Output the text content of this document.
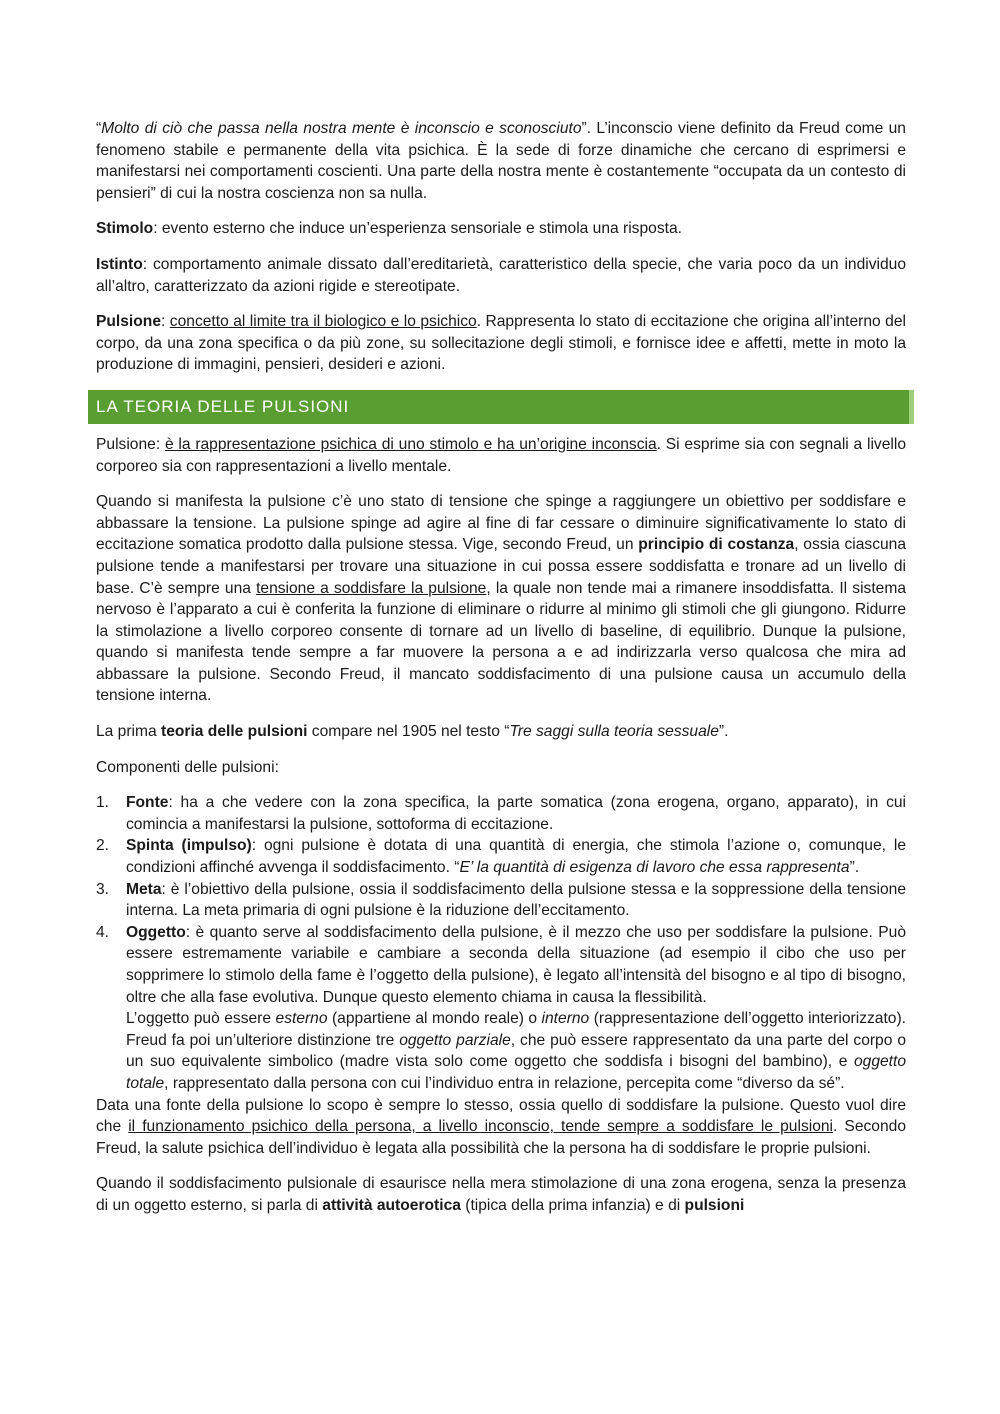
“Molto di ciò che passa nella nostra mente è inconscio e sconosciuto”. L’inconscio viene definito da Freud come un fenomeno stabile e permanente della vita psichica. È la sede di forze dinamiche che cercano di esprimersi e manifestarsi nei comportamenti coscienti. Una parte della nostra mente è costantemente “occupata da un contesto di pensieri” di cui la nostra coscienza non sa nulla.

Stimolo: evento esterno che induce un’esperienza sensoriale e stimola una risposta.

Istinto: comportamento animale dissato dall’ereditarietà, caratteristico della specie, che varia poco da un individuo all’altro, caratterizzato da azioni rigide e stereotipate.

Pulsione: concetto al limite tra il biologico e lo psichico. Rappresenta lo stato di eccitazione che origina all’interno del corpo, da una zona specifica o da più zone, su sollecitazione degli stimoli, e fornisce idee e affetti, mette in moto la produzione di immagini, pensieri, desideri e azioni.

LA TEORIA DELLE PULSIONI

Pulsione: è la rappresentazione psichica di uno stimolo e ha un’origine inconscia. Si esprime sia con segnali a livello corporeo sia con rappresentazioni a livello mentale.

Quando si manifesta la pulsione c’è uno stato di tensione che spinge a raggiungere un obiettivo per soddisfare e abbassare la tensione. La pulsione spinge ad agire al fine di far cessare o diminuire significativamente lo stato di eccitazione somatica prodotto dalla pulsione stessa. Vige, secondo Freud, un principio di costanza, ossia ciascuna pulsione tende a manifestarsi per trovare una situazione in cui possa essere soddisfatta e tronare ad un livello di base. C’è sempre una tensione a soddisfare la pulsione, la quale non tende mai a rimanere insoddisfatta. Il sistema nervoso è l’apparato a cui è conferita la funzione di eliminare o ridurre al minimo gli stimoli che gli giungono. Ridurre la stimolazione a livello corporeo consente di tornare ad un livello di baseline, di equilibrio. Dunque la pulsione, quando si manifesta tende sempre a far muovere la persona a e ad indirizzarla verso qualcosa che mira ad abbassare la pulsione. Secondo Freud, il mancato soddisfacimento di una pulsione causa un accumulo della tensione interna.

La prima teoria delle pulsioni compare nel 1905 nel testo “Tre saggi sulla teoria sessuale”.

Componenti delle pulsioni:

1. Fonte: ha a che vedere con la zona specifica, la parte somatica (zona erogena, organo, apparato), in cui comincia a manifestarsi la pulsione, sottoforma di eccitazione.
2. Spinta (impulso): ogni pulsione è dotata di una quantità di energia, che stimola l’azione o, comunque, le condizioni affinché avvenga il soddisfacimento. “E’ la quantità di esigenza di lavoro che essa rappresenta”.
3. Meta: è l’obiettivo della pulsione, ossia il soddisfacimento della pulsione stessa e la soppressione della tensione interna. La meta primaria di ogni pulsione è la riduzione dell’eccitamento.
4. Oggetto: è quanto serve al soddisfacimento della pulsione, è il mezzo che uso per soddisfare la pulsione. Può essere estremamente variabile e cambiare a seconda della situazione (ad esempio il cibo che uso per sopprimere lo stimolo della fame è l’oggetto della pulsione), è legato all’intensità del bisogno e al tipo di bisogno, oltre che alla fase evolutiva. Dunque questo elemento chiama in causa la flessibilità.
L’oggetto può essere esterno (appartiene al mondo reale) o interno (rappresentazione dell’oggetto interiorizzato). Freud fa poi un’ulteriore distinzione tre oggetto parziale, che può essere rappresentato da una parte del corpo o un suo equivalente simbolico (madre vista solo come oggetto che soddisfa i bisogni del bambino), e oggetto totale, rappresentato dalla persona con cui l’individuo entra in relazione, percepita come “diverso da sé”.

Data una fonte della pulsione lo scopo è sempre lo stesso, ossia quello di soddisfare la pulsione. Questo vuol dire che il funzionamento psichico della persona, a livello inconscio, tende sempre a soddisfare le pulsioni. Secondo Freud, la salute psichica dell’individuo è legata alla possibilità che la persona ha di soddisfare le proprie pulsioni.

Quando il soddisfacimento pulsionale di esaurisce nella mera stimolazione di una zona erogena, senza la presenza di un oggetto esterno, si parla di attività autoerotica (tipica della prima infanzia) e di pulsioni
